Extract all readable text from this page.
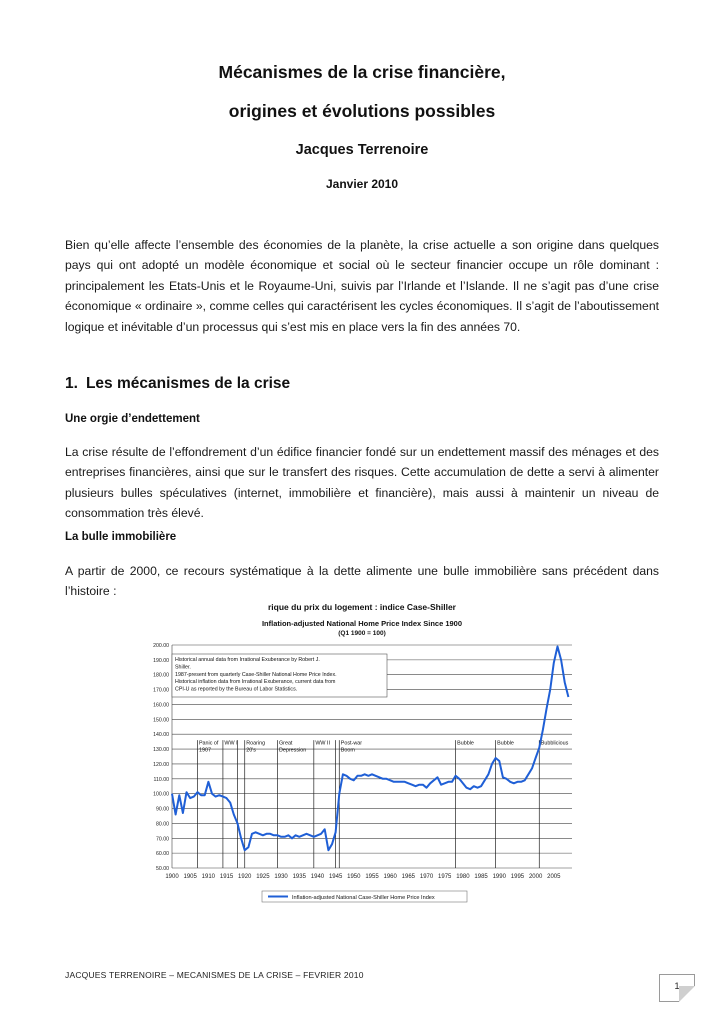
Mécanismes de la crise financière,
origines et évolutions possibles
Jacques Terrenoire
Janvier 2010

Bien qu’elle affecte l’ensemble des économies de la planète, la crise actuelle a son origine dans quelques pays qui ont adopté un modèle économique et social où le secteur financier occupe un rôle dominant : principalement les Etats-Unis et le Royaume-Uni, suivis par l’Irlande et l’Islande. Il ne s’agit pas d’une crise économique « ordinaire », comme celles qui caractérisent les cycles économiques. Il s’agit de l’aboutissement logique et inévitable d’un processus qui s’est mis en place vers la fin des années 70.

1. Les mécanismes de la crise
Une orgie d’endettement

La crise résulte de l’effondrement d’un édifice financier fondé sur un endettement massif des ménages et des entreprises financières, ainsi que sur le transfert des risques. Cette accumulation de dette a servi à alimenter plusieurs bulles spéculatives (internet, immobilière et financière), mais aussi à maintenir un niveau de consommation très élevé.

La bulle immobilière

A partir de 2000, ce recours systématique à la dette alimente une bulle immobilière sans précédent dans l’histoire :

rique du prix du logement : indice Case-Shiller
Inflation-adjusted National Home Price Index Since 1900
(Q1 1900 = 100)
50.00
60.00
70.00
80.00
90.00
100.00
110.00
120.00
130.00
140.00
150.00
160.00
170.00
180.00
190.00
200.00
1900 1905 1910 1915 1920 1925 1930 1935 1940 1945 1950 1955 1960 1965 1970 1975 1980 1985 1990 1995 2000 2005
Panic of
1907
WW I Roaring
20's
Great
Depression
WW II Post-war
Boom
Bubble	Bubble	Bubblicious
Historical annual data from Irrational Exuberance by Robert J.
Shiller.
1987-present from quarterly Case-Shiller National Home Price Index.
Historical inflation data from Irrational Exuberance, current data from
CPI-U as reported by the Bureau of Labor Statistics.
Inflation-adjusted National Case-Shiller Home Price Index
JACQUES TERRENOIRE – MECANISMES DE LA CRISE – FEVRIER 2010
1
